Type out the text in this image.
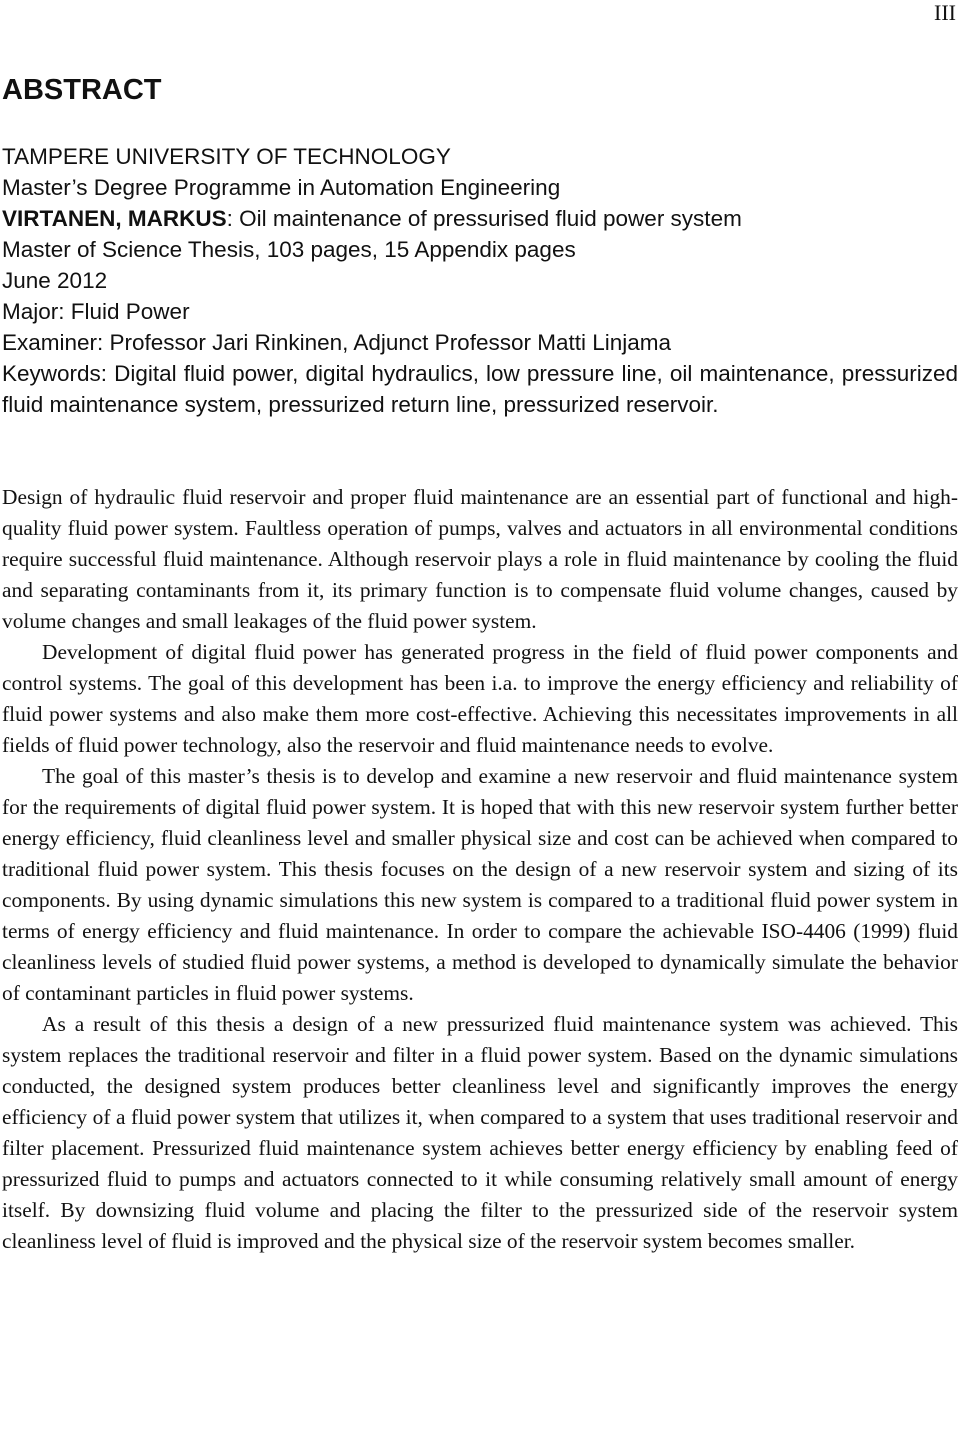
III
ABSTRACT
TAMPERE UNIVERSITY OF TECHNOLOGY
Master’s Degree Programme in Automation Engineering
VIRTANEN, MARKUS: Oil maintenance of pressurised fluid power system
Master of Science Thesis, 103 pages, 15 Appendix pages
June 2012
Major: Fluid Power
Examiner: Professor Jari Rinkinen, Adjunct Professor Matti Linjama
Keywords: Digital fluid power, digital hydraulics, low pressure line, oil maintenance, pressurized fluid maintenance system, pressurized return line, pressurized reservoir.

Design of hydraulic fluid reservoir and proper fluid maintenance are an essential part of functional and high-quality fluid power system. Faultless operation of pumps, valves and actuators in all environmental conditions require successful fluid maintenance. Although reservoir plays a role in fluid maintenance by cooling the fluid and separating contaminants from it, its primary function is to compensate fluid volume changes, caused by volume changes and small leakages of the fluid power system.

Development of digital fluid power has generated progress in the field of fluid power components and control systems. The goal of this development has been i.a. to improve the energy efficiency and reliability of fluid power systems and also make them more cost-effective. Achieving this necessitates improvements in all fields of fluid power technology, also the reservoir and fluid maintenance needs to evolve.

The goal of this master’s thesis is to develop and examine a new reservoir and fluid maintenance system for the requirements of digital fluid power system. It is hoped that with this new reservoir system further better energy efficiency, fluid cleanliness level and smaller physical size and cost can be achieved when compared to traditional fluid power system. This thesis focuses on the design of a new reservoir system and sizing of its components. By using dynamic simulations this new system is compared to a traditional fluid power system in terms of energy efficiency and fluid maintenance. In order to compare the achievable ISO-4406 (1999) fluid cleanliness levels of studied fluid power systems, a method is developed to dynamically simulate the behavior of contaminant particles in fluid power systems.

As a result of this thesis a design of a new pressurized fluid maintenance system was achieved. This system replaces the traditional reservoir and filter in a fluid power system. Based on the dynamic simulations conducted, the designed system produces better cleanliness level and significantly improves the energy efficiency of a fluid power system that utilizes it, when compared to a system that uses traditional reservoir and filter placement. Pressurized fluid maintenance system achieves better energy efficiency by enabling feed of pressurized fluid to pumps and actuators connected to it while consuming relatively small amount of energy itself. By downsizing fluid volume and placing the filter to the pressurized side of the reservoir system cleanliness level of fluid is improved and the physical size of the reservoir system becomes smaller.
